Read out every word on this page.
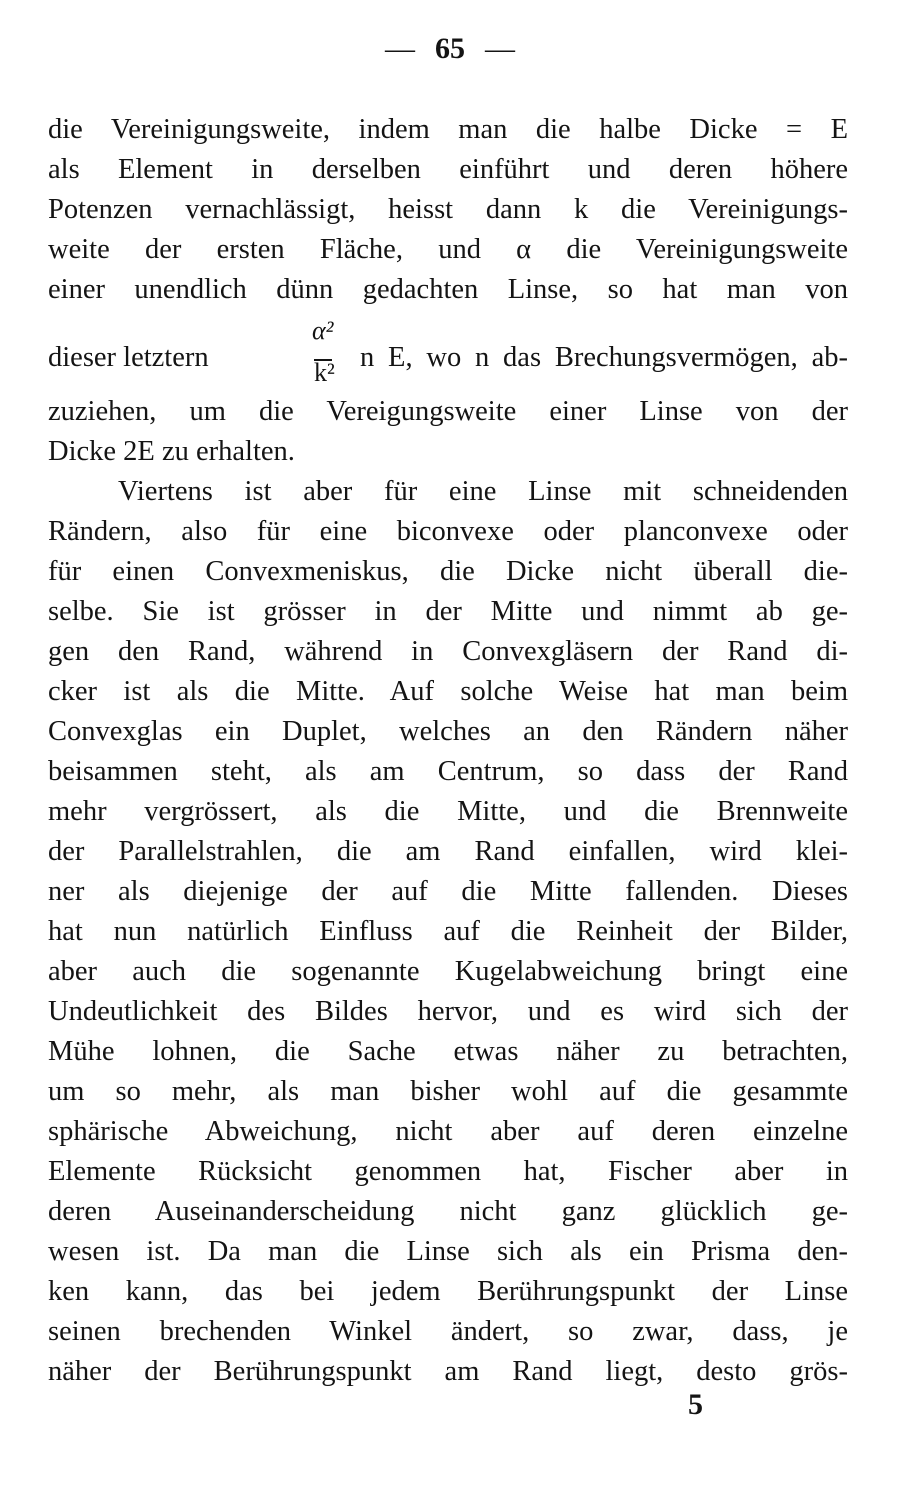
— 65 —
die Vereinigungsweite, indem man die halbe Dicke = E
als Element in derselben einführt und deren höhere
Potenzen vernachlässigt, heisst dann k die Vereinigungs-
weite der ersten Fläche, und α die Vereinigungsweite
einer unendlich dünn gedachten Linse, so hat man von
dieser letztern
α²
k² n E, wo n das Brechungsvermögen, ab-
zuziehen, um die Vereigungsweite einer Linse von der
Dicke 2E zu erhalten.
Viertens ist aber für eine Linse mit schneidenden
Rändern, also für eine biconvexe oder planconvexe oder
für einen Convexmeniskus, die Dicke nicht überall die-
selbe. Sie ist grösser in der Mitte und nimmt ab ge-
gen den Rand, während in Convexgläsern der Rand di-
cker ist als die Mitte. Auf solche Weise hat man beim
Convexglas ein Duplet, welches an den Rändern näher
beisammen steht, als am Centrum, so dass der Rand
mehr vergrössert, als die Mitte, und die Brennweite
der Parallelstrahlen, die am Rand einfallen, wird klei-
ner als diejenige der auf die Mitte fallenden. Dieses
hat nun natürlich Einfluss auf die Reinheit der Bilder,
aber auch die sogenannte Kugelabweichung bringt eine
Undeutlichkeit des Bildes hervor, und es wird sich der
Mühe lohnen, die Sache etwas näher zu betrachten,
um so mehr, als man bisher wohl auf die gesammte
sphärische Abweichung, nicht aber auf deren einzelne
Elemente Rücksicht genommen hat, Fischer aber in
deren Auseinanderscheidung nicht ganz glücklich ge-
wesen ist. Da man die Linse sich als ein Prisma den-
ken kann, das bei jedem Berührungspunkt der Linse
seinen brechenden Winkel ändert, so zwar, dass, je
näher der Berührungspunkt am Rand liegt, desto grös-
5
